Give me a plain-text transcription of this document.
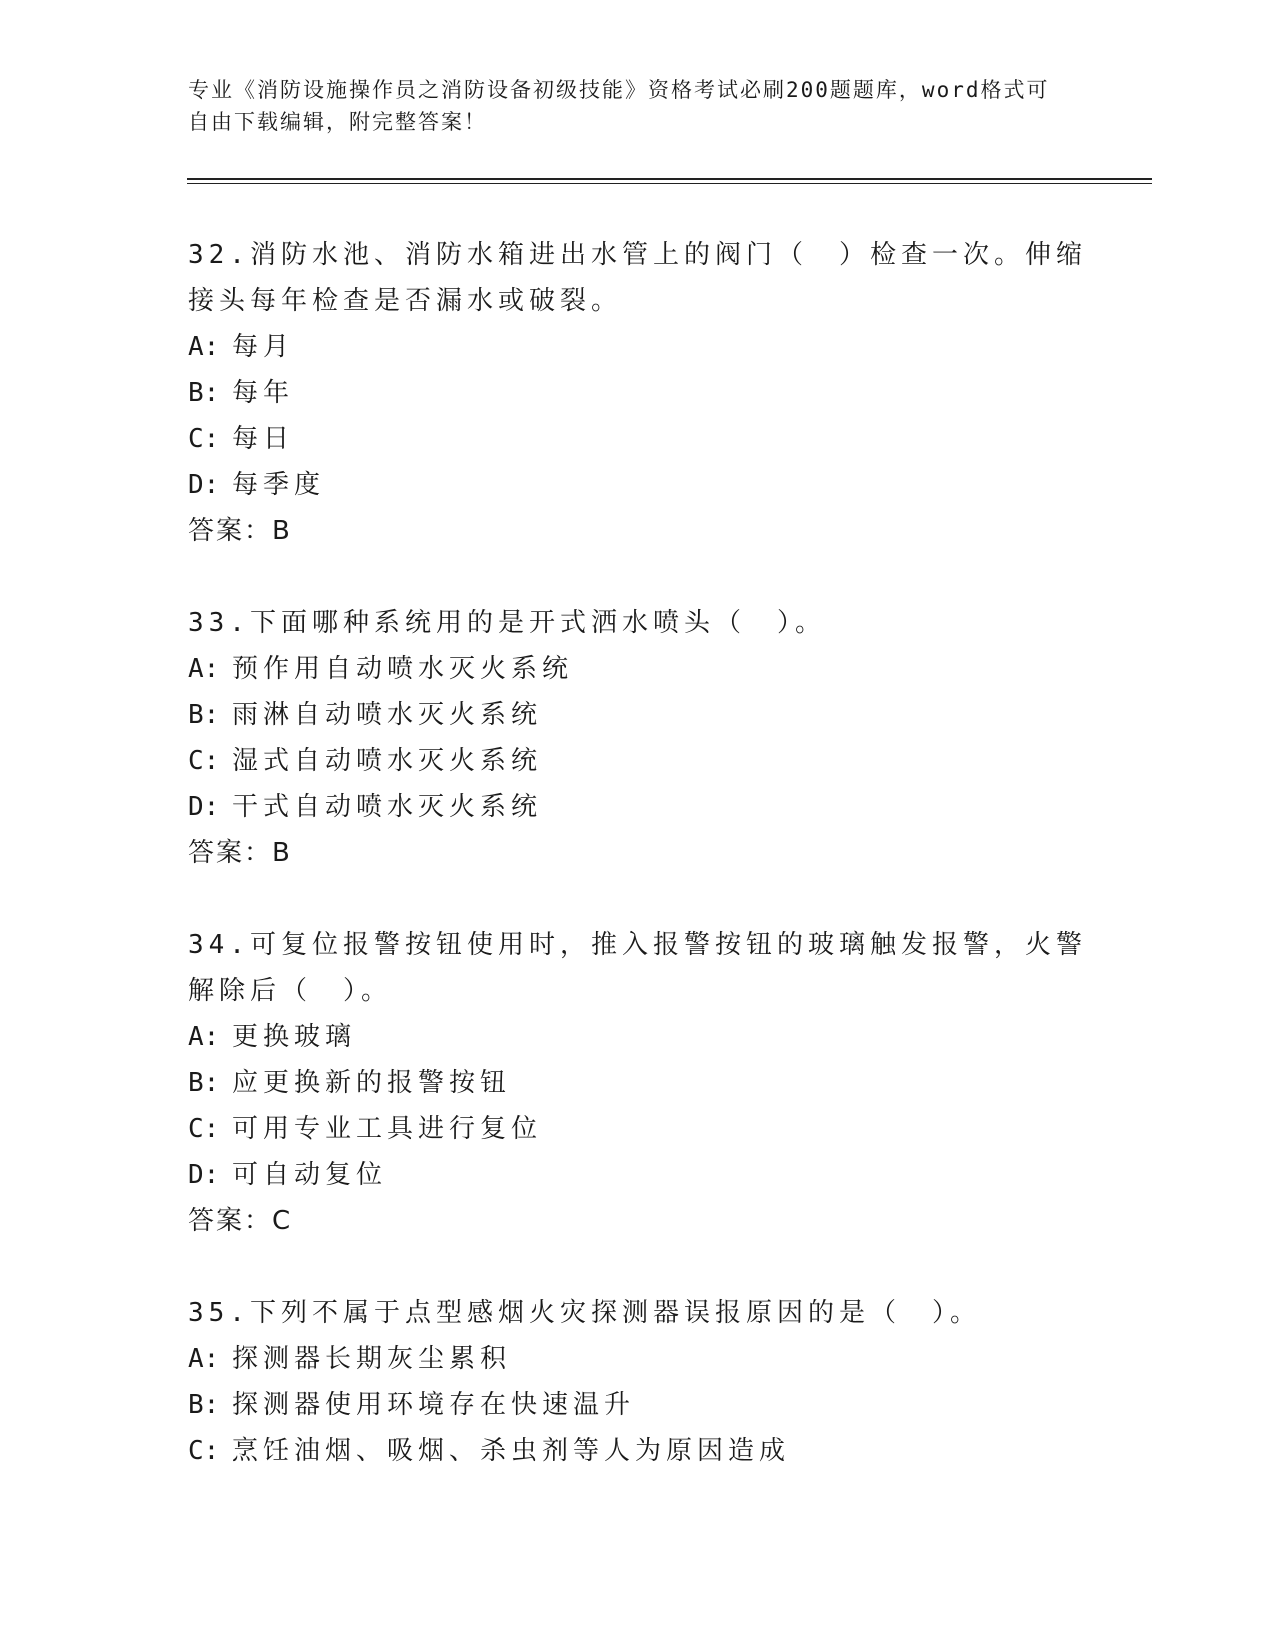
专业《消防设施操作员之消防设备初级技能》资格考试必刷200题题库，word格式可自由下载编辑，附完整答案！
32.消防水池、消防水箱进出水管上的阀门（　）检查一次。伸缩接头每年检查是否漏水或破裂。
A: 每月
B: 每年
C: 每日
D: 每季度
答案：B
33.下面哪种系统用的是开式洒水喷头（　）。
A: 预作用自动喷水灭火系统
B: 雨淋自动喷水灭火系统
C: 湿式自动喷水灭火系统
D: 干式自动喷水灭火系统
答案：B
34.可复位报警按钮使用时，推入报警按钮的玻璃触发报警，火警解除后（　）。
A: 更换玻璃
B: 应更换新的报警按钮
C: 可用专业工具进行复位
D: 可自动复位
答案：C
35.下列不属于点型感烟火灾探测器误报原因的是（　）。
A: 探测器长期灰尘累积
B: 探测器使用环境存在快速温升
C: 烹饪油烟、吸烟、杀虫剂等人为原因造成
